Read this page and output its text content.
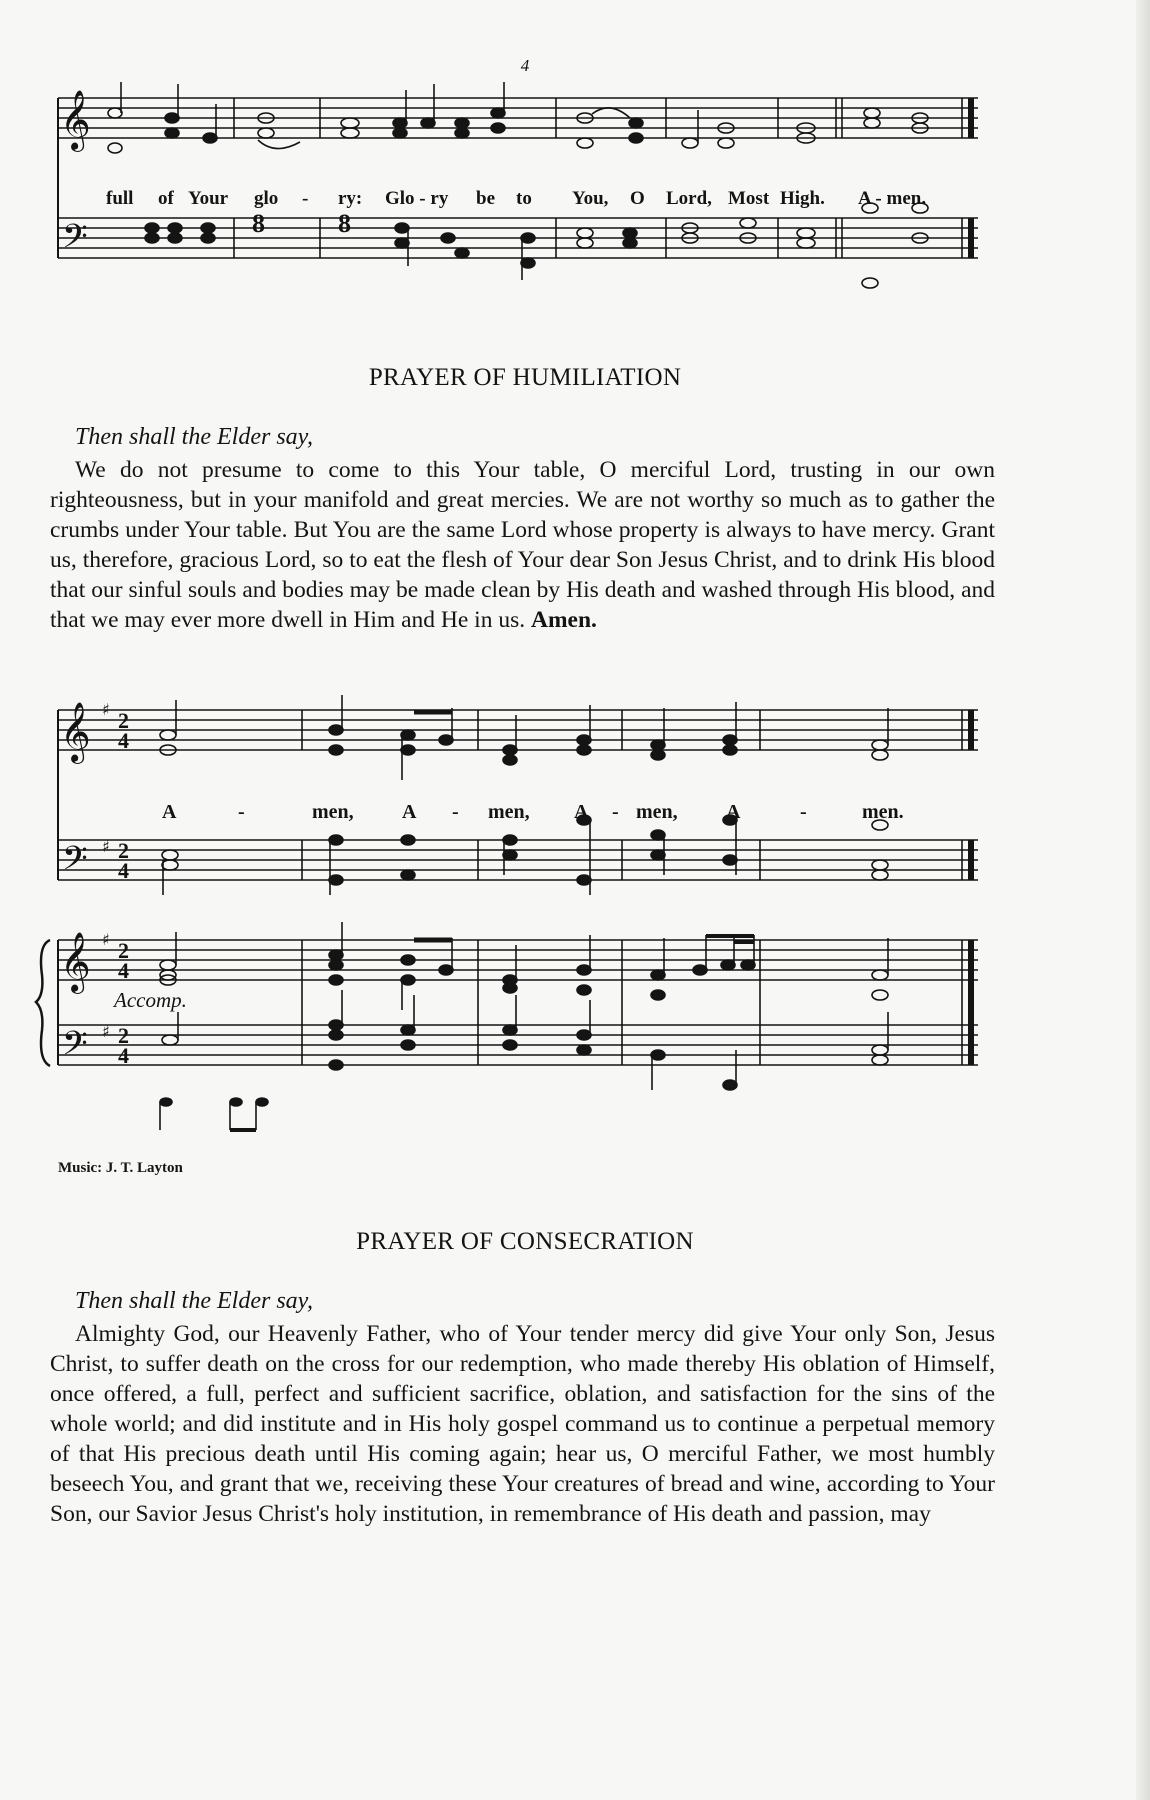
4
𝄞
𝄢	8	8
full of Your glo - ry: Glo - ry be to You, O Lord, Most High. A - men.
PRAYER OF HUMILIATION
Then shall the Elder say,

We do not presume to come to this Your table, O merciful Lord, trusting in our own righteousness, but in your manifold and great mercies. We are not worthy so much as to gather the crumbs under Your table. But You are the same Lord whose property is always to have mercy. Grant us, therefore, gracious Lord, so to eat the flesh of Your dear Son Jesus Christ, and to drink His blood that our sinful souls and bodies may be made clean by His death and washed through His blood, and that we may ever more dwell in Him and He in us. Amen.

𝄞
𝄢
𝄞
𝄢
♯
♯
♯
♯
2
4
2
4
2
4
2
4
A	-	men, A - men, A - men, A	-	men.
Accomp.
Music: J. T. Layton
PRAYER OF CONSECRATION
Then shall the Elder say,

Almighty God, our Heavenly Father, who of Your tender mercy did give Your only Son, Jesus Christ, to suffer death on the cross for our redemption, who made thereby His oblation of Himself, once offered, a full, perfect and sufficient sacrifice, oblation, and satisfaction for the sins of the whole world; and did institute and in His holy gospel command us to continue a perpetual memory of that His precious death until His coming again; hear us, O merciful Father, we most humbly beseech You, and grant that we, receiving these Your creatures of bread and wine, according to Your Son, our Savior Jesus Christ's holy institution, in remembrance of His death and passion, may
